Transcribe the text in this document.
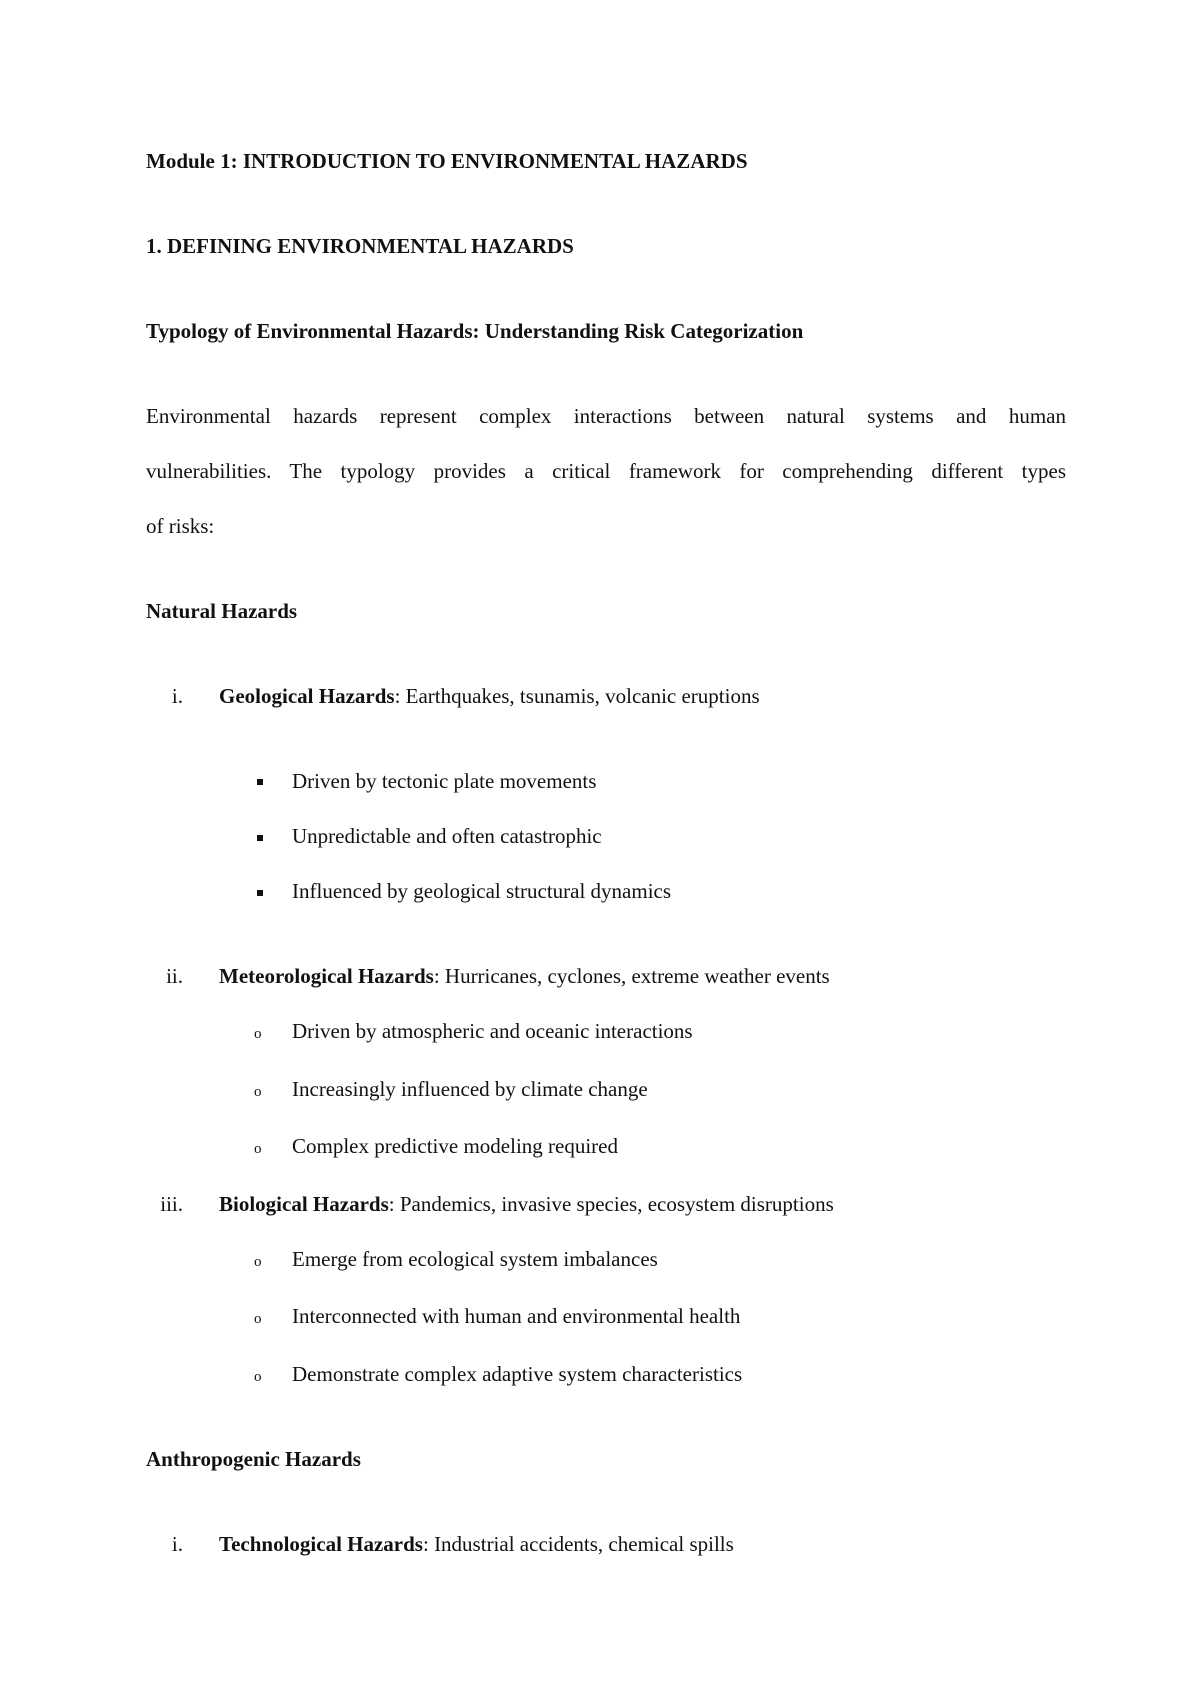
Module 1: INTRODUCTION TO ENVIRONMENTAL HAZARDS
1. DEFINING ENVIRONMENTAL HAZARDS
Typology of Environmental Hazards: Understanding Risk Categorization
Environmental hazards represent complex interactions between natural systems and human
vulnerabilities. The typology provides a critical framework for comprehending different types
of risks:
Natural Hazards
i. Geological Hazards: Earthquakes, tsunamis, volcanic eruptions
Driven by tectonic plate movements
Unpredictable and often catastrophic
Influenced by geological structural dynamics
ii. Meteorological Hazards: Hurricanes, cyclones, extreme weather events
o Driven by atmospheric and oceanic interactions
o Increasingly influenced by climate change
o Complex predictive modeling required
iii. Biological Hazards: Pandemics, invasive species, ecosystem disruptions
o Emerge from ecological system imbalances
o Interconnected with human and environmental health
o Demonstrate complex adaptive system characteristics
Anthropogenic Hazards
i. Technological Hazards: Industrial accidents, chemical spills
